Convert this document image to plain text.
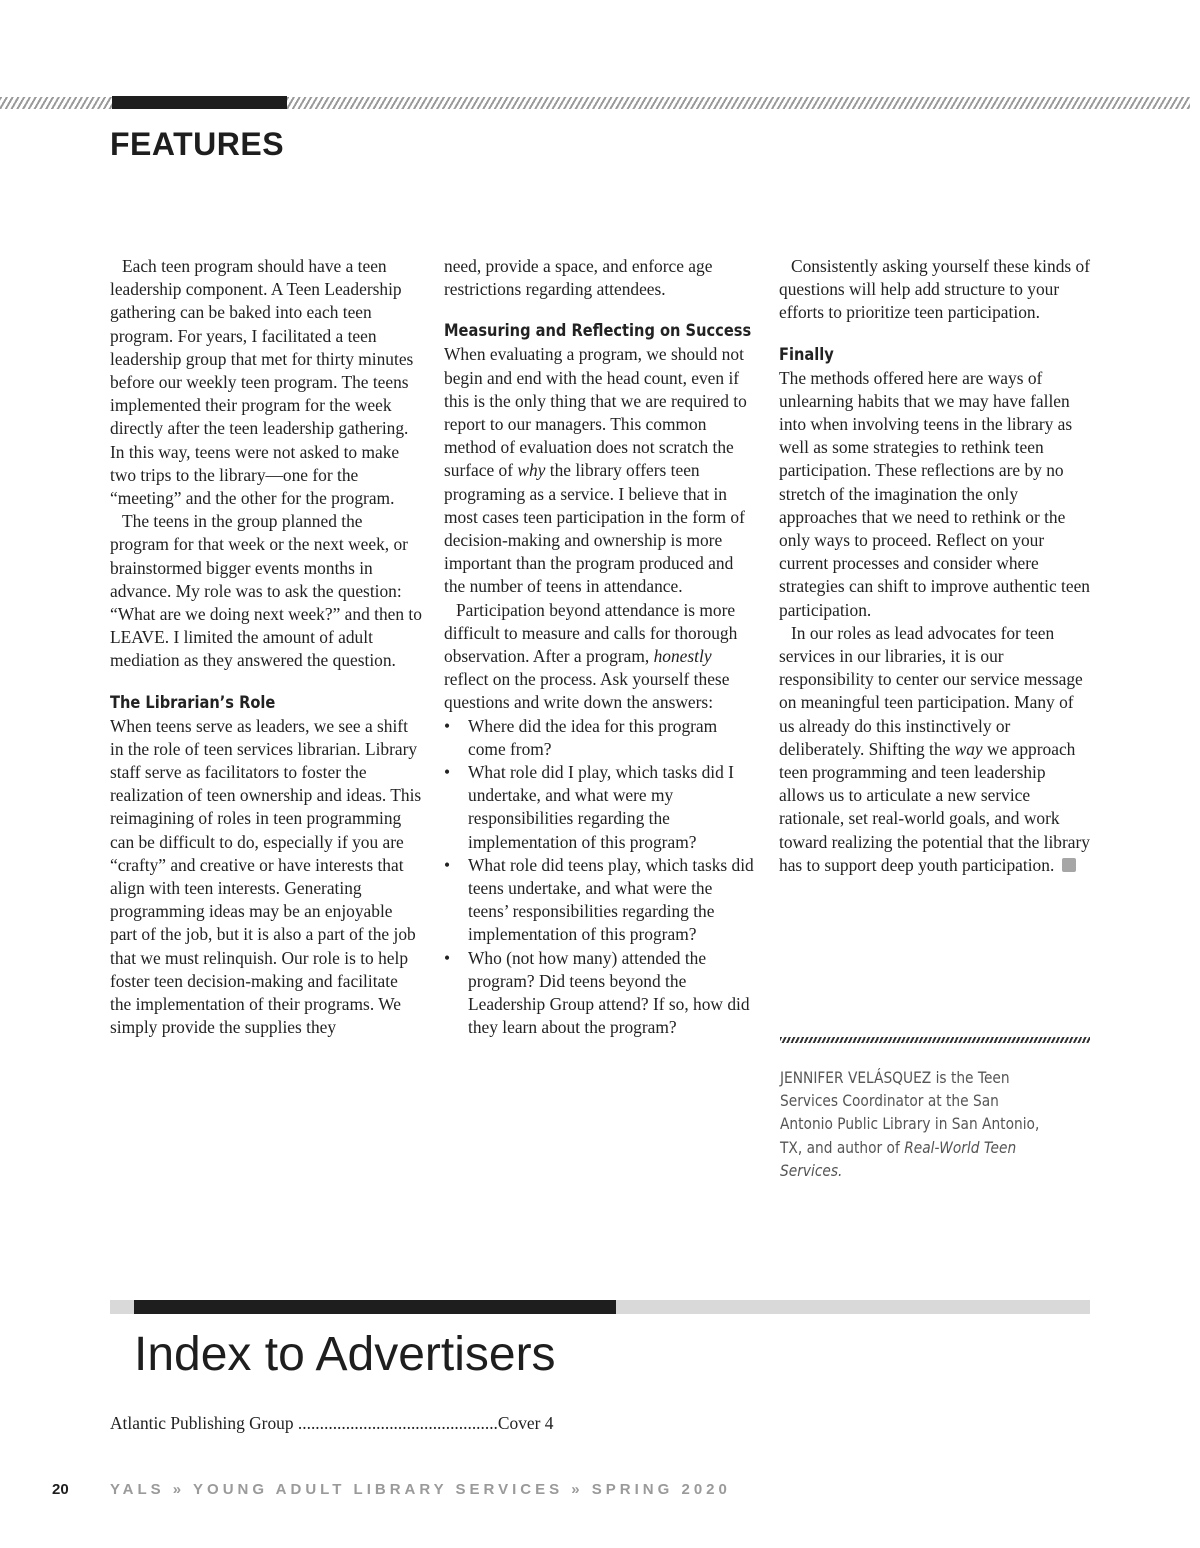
FEATURES

Each teen program should have a teen leadership component. A Teen Leadership gathering can be baked into each teen program. For years, I facilitated a teen leadership group that met for thirty minutes before our weekly teen program. The teens implemented their program for the week directly after the teen leadership gathering. In this way, teens were not asked to make two trips to the library—one for the “meeting” and the other for the program.

The teens in the group planned the program for that week or the next week, or brainstormed bigger events months in advance. My role was to ask the question: “What are we doing next week?” and then to LEAVE. I limited the amount of adult mediation as they answered the question.

The Librarian’s Role

When teens serve as leaders, we see a shift in the role of teen services librarian. Library staff serve as facilitators to foster the realization of teen ownership and ideas. This reimagining of roles in teen programming can be difficult to do, especially if you are “crafty” and creative or have interests that align with teen interests. Generating programming ideas may be an enjoyable part of the job, but it is also a part of the job that we must relinquish. Our role is to help foster teen decision-making and facilitate the implementation of their programs. We simply provide the supplies they

need, provide a space, and enforce age restrictions regarding attendees.

Measuring and Reflecting on Success

When evaluating a program, we should not begin and end with the head count, even if this is the only thing that we are required to report to our managers. This common method of evaluation does not scratch the surface of why the library offers teen programing as a service. I believe that in most cases teen participation in the form of decision-making and ownership is more important than the program produced and the number of teens in attendance.

Participation beyond attendance is more difficult to measure and calls for thorough observation. After a program, honestly reflect on the process. Ask yourself these questions and write down the answers:

• Where did the idea for this program come from?
• What role did I play, which tasks did I undertake, and what were my responsibilities regarding the implementation of this program?
• What role did teens play, which tasks did teens undertake, and what were the teens’ responsibilities regarding the implementation of this program?
• Who (not how many) attended the program? Did teens beyond the Leadership Group attend? If so, how did they learn about the program?

Consistently asking yourself these kinds of questions will help add structure to your efforts to prioritize teen participation.

Finally

The methods offered here are ways of unlearning habits that we may have fallen into when involving teens in the library as well as some strategies to rethink teen participation. These reflections are by no stretch of the imagination the only approaches that we need to rethink or the only ways to proceed. Reflect on your current processes and consider where strategies can shift to improve authentic teen participation.

In our roles as lead advocates for teen services in our libraries, it is our responsibility to center our service message on meaningful teen participation. Many of us already do this instinctively or deliberately. Shifting the way we approach teen programming and teen leadership allows us to articulate a new service rationale, set real-world goals, and work toward realizing the potential that the library has to support deep youth participation.

JENNIFER VELÁSQUEZ is the Teen Services Coordinator at the San Antonio Public Library in San Antonio, TX, and author of Real-World Teen Services.
Index to Advertisers
Atlantic Publishing Group ..............................................Cover 4
20	YALS » YOUNG ADULT LIBRARY SERVICES » SPRING 2020
